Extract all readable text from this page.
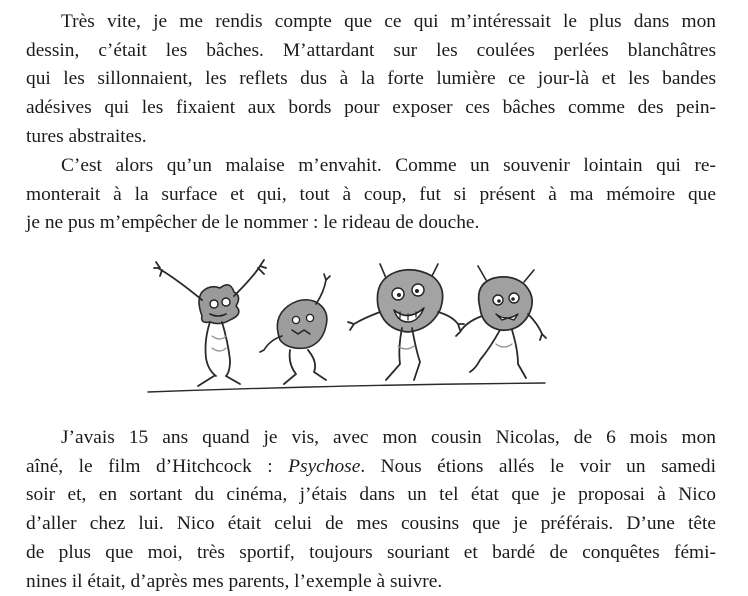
Très vite, je me rendis compte que ce qui m’intéressait le plus dans mon
dessin, c’était les bâches. M’attardant sur les coulées perlées blanchâtres
qui les sillonnaient, les reflets dus à la forte lumière ce jour-là et les bandes
adésives qui les fixaient aux bords pour exposer ces bâches comme des pein-
tures abstraites.
C’est alors qu’un malaise m’envahit. Comme un souvenir lointain qui re-
monterait à la surface et qui, tout à coup, fut si présent à ma mémoire que
je ne pus m’empêcher de le nommer : le rideau de douche.
J’avais 15 ans quand je vis, avec mon cousin Nicolas, de 6 mois mon
aîné, le film d’Hitchcock : Psychose. Nous étions allés le voir un samedi
soir et, en sortant du cinéma, j’étais dans un tel état que je proposai à Nico
d’aller chez lui. Nico était celui de mes cousins que je préférais. D’une tête
de plus que moi, très sportif, toujours souriant et bardé de conquêtes fémi-
nines il était, d’après mes parents, l’exemple à suivre.
